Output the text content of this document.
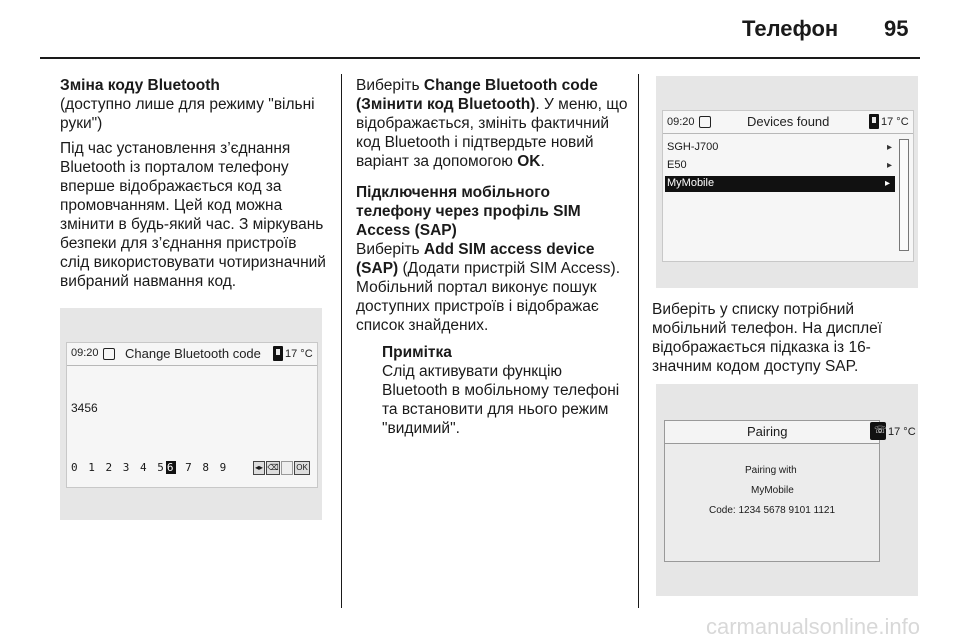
Телефон 95

Зміна коду Bluetooth

(доступно лише для режиму "вільні руки")

Під час установлення з’єднання Bluetooth із порталом телефону вперше відображається код за промовчанням. Цей код можна змінити в будь-який час. З міркувань безпеки для з’єднання пристроїв слід використовувати чотиризначний вибраний навмання код.

09:20 Change Bluetooth code 17 °C
3456
0 1 2 3 4 56 7 8 9	◂▸ ⌫ OK

Виберіть Change Bluetooth code (Змінити код Bluetooth). У меню, що відображається, змініть фактичний код Bluetooth і підтвердьте новий варіант за допомогою OK.

Підключення мобільного телефону через профіль SIM Access (SAP)

Виберіть Add SIM access device (SAP) (Додати пристрій SIM Access). Мобільний портал виконує пошук доступних пристроїв і відображає список знайдених.

Примітка
Слід активувати функцію Bluetooth в мобільному телефоні та встановити для нього режим "видимий".
09:20	Devices found	17 °C
SGH-J700	▸
E50	▸
MyMobile	▸

Виберіть у списку потрібний мобільний телефон. На дисплеї відображається підказка із 16-значним кодом доступу SAP.

Pairing
Pairing with
MyMobile
Code: 1234 5678 9101 1121
☏ 17 °C
carmanualsonline.info
